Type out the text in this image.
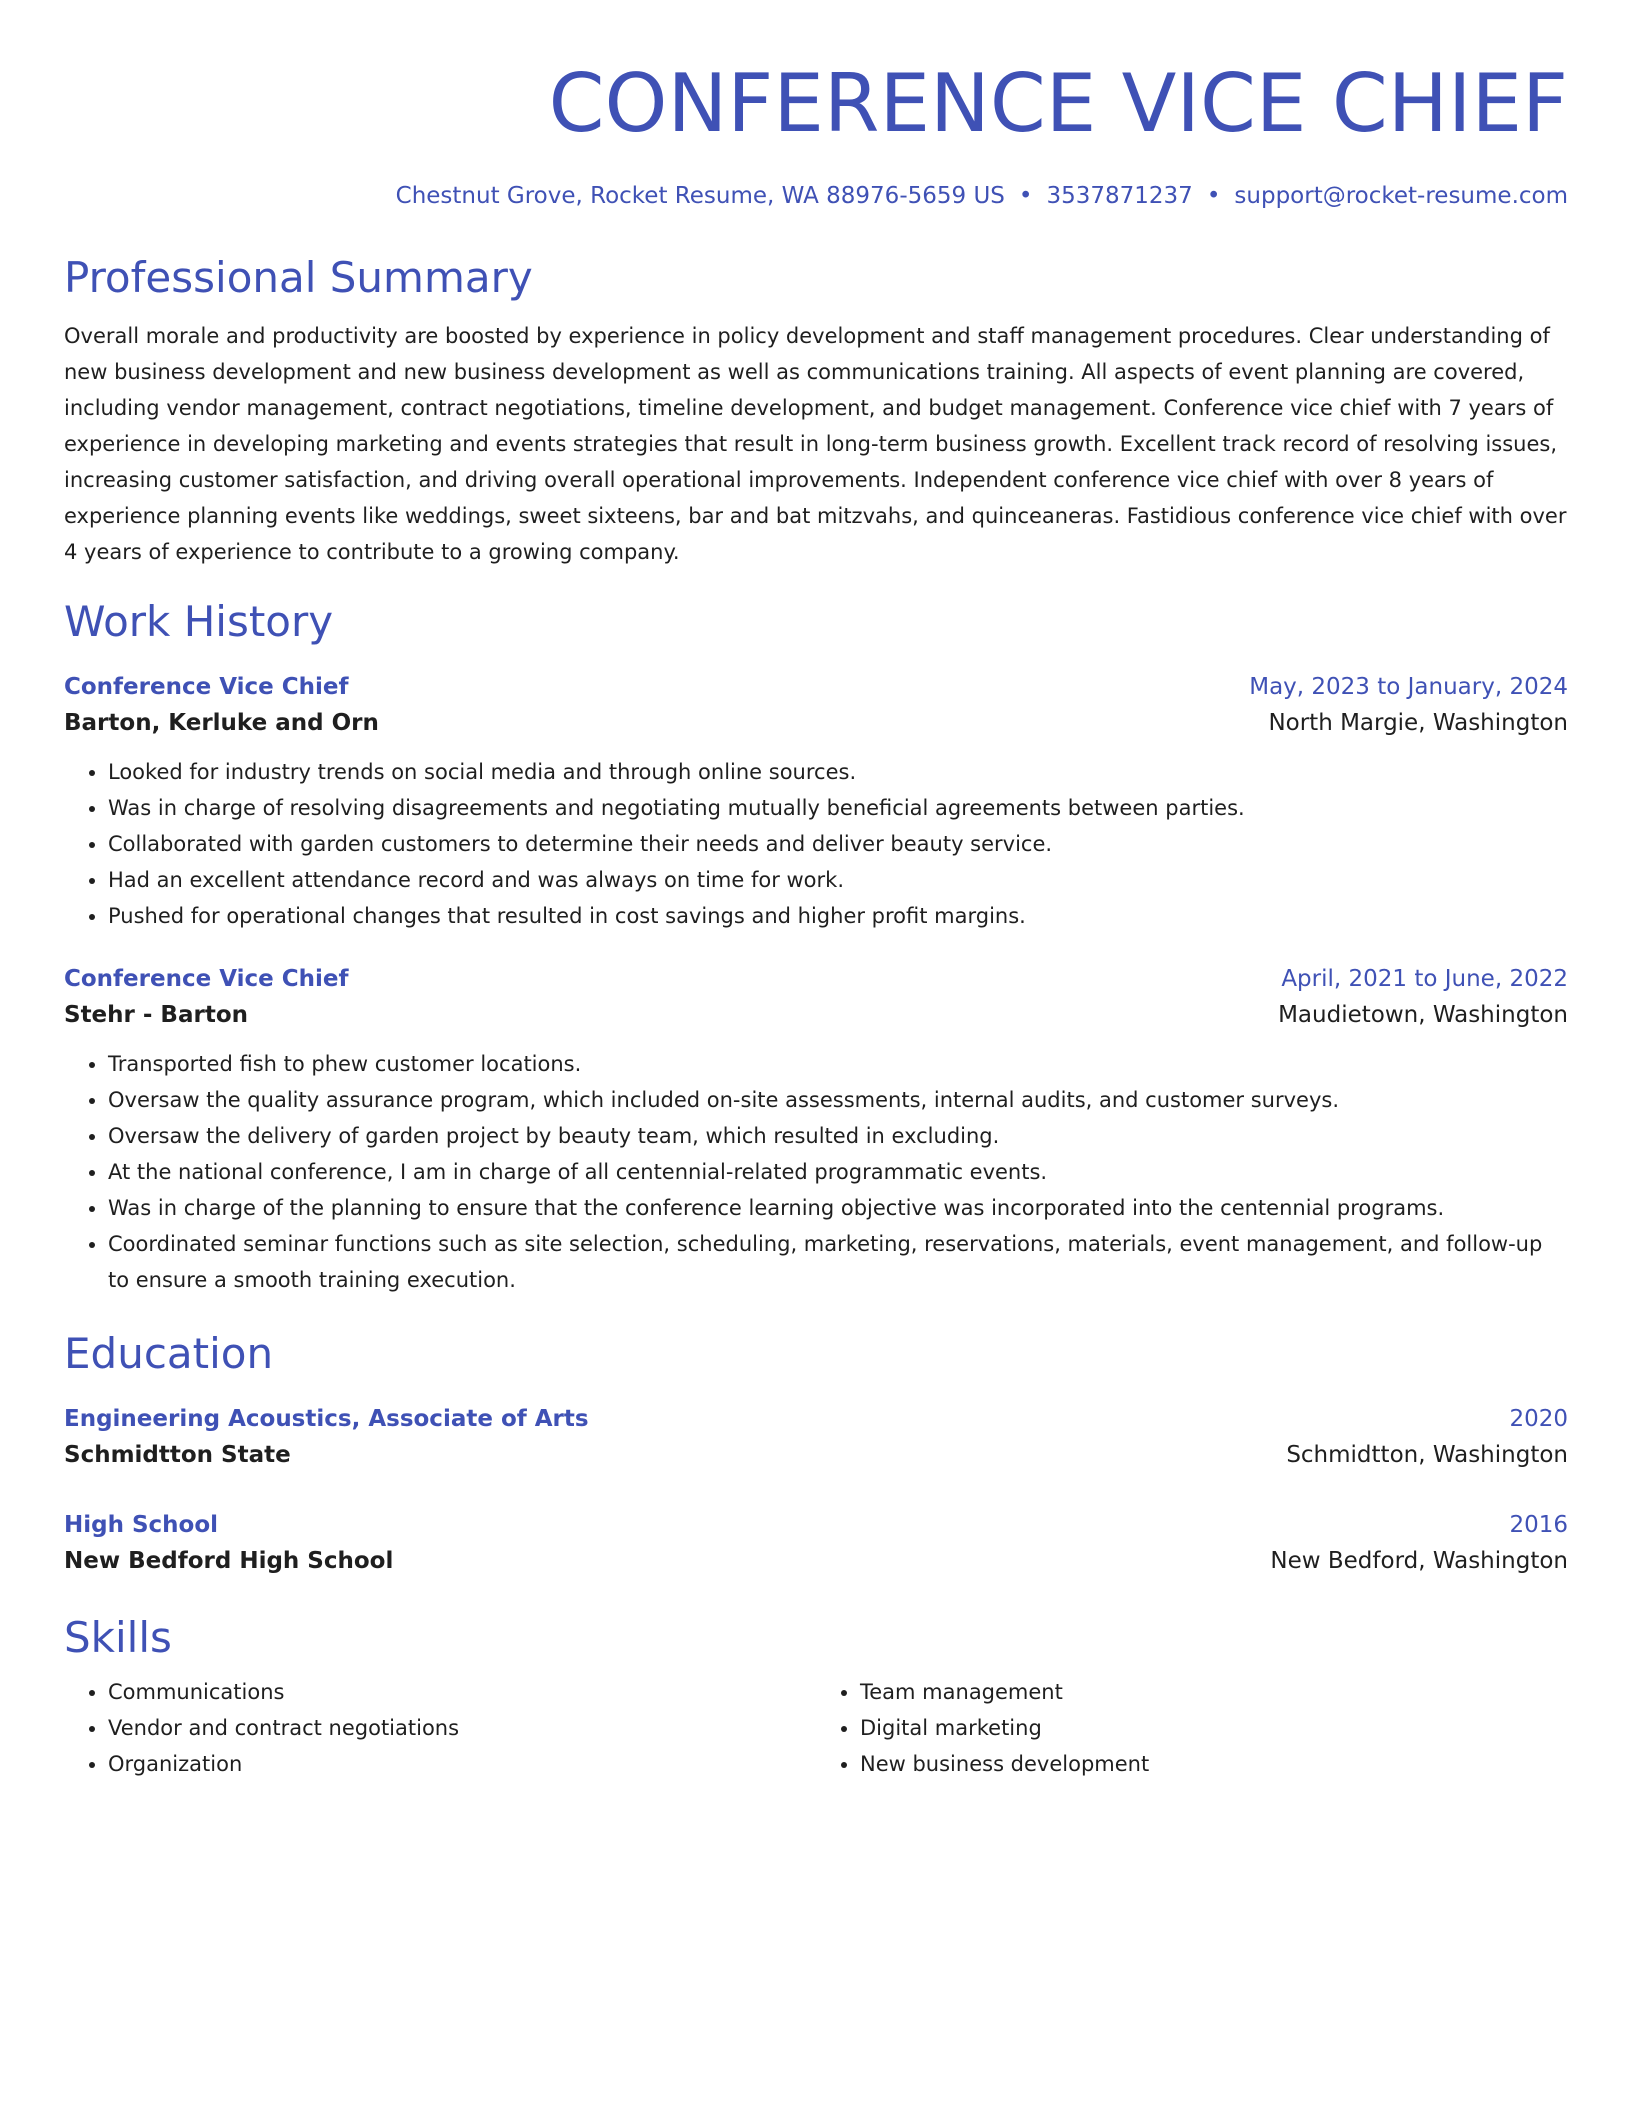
CONFERENCE VICE CHIEF
Chestnut Grove, Rocket Resume, WA 88976-5659 US • 3537871237 • support@rocket-resume.com
Professional Summary
Overall morale and productivity are boosted by experience in policy development and staff management procedures. Clear understanding of new business development and new business development as well as communications training. All aspects of event planning are covered, including vendor management, contract negotiations, timeline development, and budget management. Conference vice chief with 7 years of experience in developing marketing and events strategies that result in long-term business growth. Excellent track record of resolving issues, increasing customer satisfaction, and driving overall operational improvements. Independent conference vice chief with over 8 years of experience planning events like weddings, sweet sixteens, bar and bat mitzvahs, and quinceaneras. Fastidious conference vice chief with over 4 years of experience to contribute to a growing company.
Work History
Conference Vice Chief	May, 2023 to January, 2024
Barton, Kerluke and Orn	North Margie, Washington
• Looked for industry trends on social media and through online sources.
• Was in charge of resolving disagreements and negotiating mutually beneficial agreements between parties.
• Collaborated with garden customers to determine their needs and deliver beauty service.
• Had an excellent attendance record and was always on time for work.
• Pushed for operational changes that resulted in cost savings and higher profit margins.
Conference Vice Chief	April, 2021 to June, 2022
Stehr - Barton	Maudietown, Washington
• Transported fish to phew customer locations.
• Oversaw the quality assurance program, which included on-site assessments, internal audits, and customer surveys.
• Oversaw the delivery of garden project by beauty team, which resulted in excluding.
• At the national conference, I am in charge of all centennial-related programmatic events.
• Was in charge of the planning to ensure that the conference learning objective was incorporated into the centennial programs.
• Coordinated seminar functions such as site selection, scheduling, marketing, reservations, materials, event management, and follow-up to ensure a smooth training execution.
Education
Engineering Acoustics, Associate of Arts	2020
Schmidtton State	Schmidtton, Washington
High School	2016
New Bedford High School	New Bedford, Washington
Skills
• Communications
• Vendor and contract negotiations
• Organization
• Team management
• Digital marketing
• New business development
